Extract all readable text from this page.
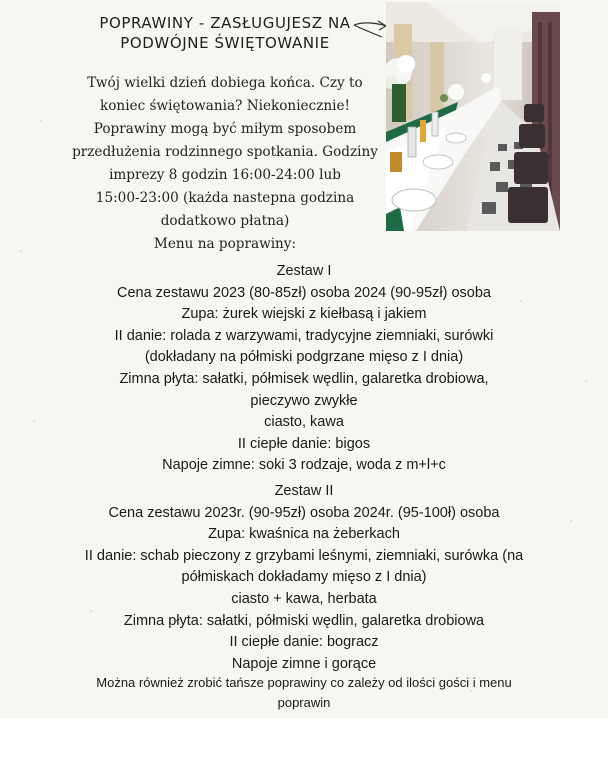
POPRAWINY - ZASŁUGUJESZ NA
PODWÓJNE ŚWIĘTOWANIE
Twój wielki dzień dobiega końca. Czy to
koniec świętowania? Niekoniecznie!
Poprawiny mogą być miłym sposobem
przedłużenia rodzinnego spotkania. Godziny
imprezy 8 godzin 16:00-24:00 lub
15:00-23:00 (każda nastepna godzina
dodatkowo płatna)
Menu na poprawiny:
Zestaw I
Cena zestawu 2023 (80-85zł) osoba 2024 (90-95zł) osoba
Zupa: żurek wiejski z kiełbasą i jakiem
II danie: rolada z warzywami, tradycyjne ziemniaki, surówki
(dokładany na półmiski podgrzane mięso z I dnia)
Zimna płyta: sałatki, półmisek wędlin, galaretka drobiowa,
pieczywo zwykłe
ciasto, kawa
II ciepłe danie: bigos
Napoje zimne: soki 3 rodzaje, woda z m+l+c
Zestaw II
Cena zestawu 2023r. (90-95zł) osoba 2024r. (95-100ł) osoba
Zupa: kwaśnica na żeberkach
II danie: schab pieczony z grzybami leśnymi, ziemniaki, surówka (na
półmiskach dokładamy mięso z I dnia)
ciasto + kawa, herbata
Zimna płyta: sałatki, półmiski wędlin, galaretka drobiowa
II ciepłe danie: bogracz
Napoje zimne i gorące
Można również zrobić tańsze poprawiny co zależy od ilości gości i menu
poprawin
